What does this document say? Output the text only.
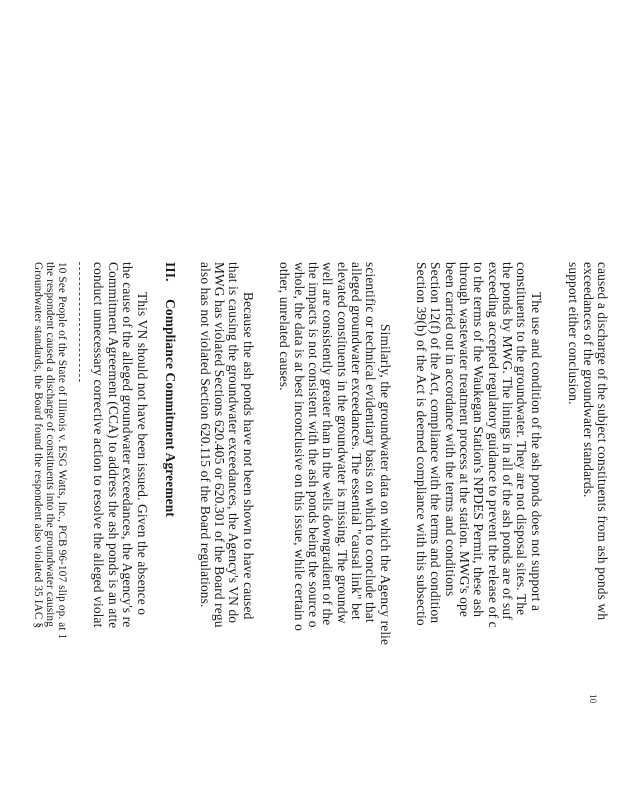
caused a discharge of the subject constituents from ash ponds wh
exceedances of the groundwater standards.
support either conclusion.
The use and condition of the ash ponds does not support a
constituents to the groundwater. They are not disposal sites. The
the ponds by MWG. The linings in all of the ash ponds are of suf
exceeding accepted regulatory guidance to prevent the release of c
to the terms of the Waukegan Station's NPDES Permit, these ash
through wastewater treatment process at the station. MWG's ope
been carried out in accordance with the terms and conditions
Section 12(f) of the Act, compliance with the terms and condition
Section 39(b) of the Act is deemed compliance with this subsectio
Similarly, the groundwater data on which the Agency relie
scientific or technical evidentiary basis on which to conclude that
alleged groundwater exceedances. The essential "causal link" bet
elevated constituents in the groundwater is missing. The groundw
well are consistently greater than in the wells downgradient of the
the impacts is not consistent with the ash ponds being the source o
whole, the data is at best inconclusive on this issue, while certain o
other, unrelated causes.
Because the ash ponds have not been shown to have caused
that is causing the groundwater exceedances, the Agency's VN do
MWG has violated Sections 620.405 or 620.301 of the Board regu
also has not violated Section 620.115 of the Board regulations.
This VN should not have been issued. Given the absence o
the cause of the alleged groundwater exceedances, the Agency's re
Commitment Agreement (CCA) to address the ash ponds is an atte
conduct unnecessary corrective action to resolve the alleged violat	III. Compliance Commitment Agreement
10 See People of the State of Illinois v. ESG Watts, Inc., PCB 96-107 slip op. at 1
the respondent caused a discharge of constituents into the groundwater causing
Groundwater standards, the Board found the respondent also violated 35 IAC §
10
